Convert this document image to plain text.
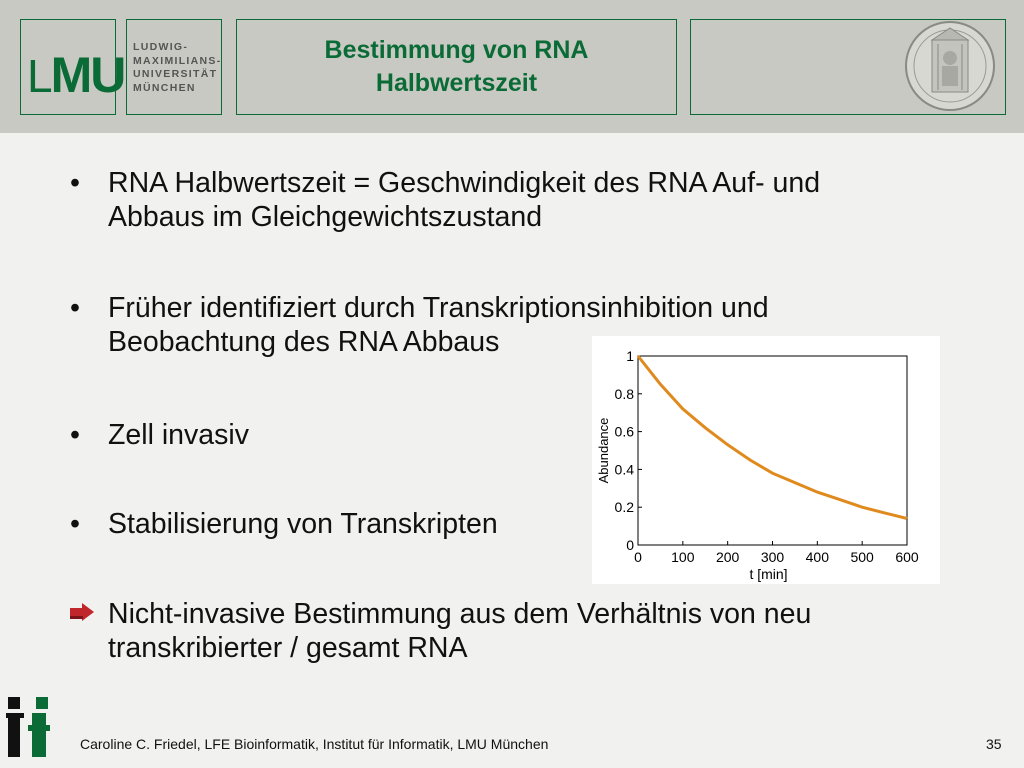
LMU LUDWIG-
MAXIMILIANS-
UNIVERSITÄT
MÜNCHEN
Bestimmung von RNA
Halbwertszeit
• RNA Halbwertszeit = Geschwindigkeit des RNA Auf- und
Abbaus im Gleichgewichtszustand
• Früher identifiziert durch Transkriptionsinhibition und
Beobachtung des RNA Abbaus
• Zell invasiv
• Stabilisierung von Transkripten
Nicht-invasive Bestimmung aus dem Verhältnis von neu
transkribierter / gesamt RNA
0 100 200 300 400 500 600
0
0.2
0.4
0.6
0.8
1
t [min]
Abundance
Caroline C. Friedel, LFE Bioinformatik, Institut für Informatik, LMU München	35
